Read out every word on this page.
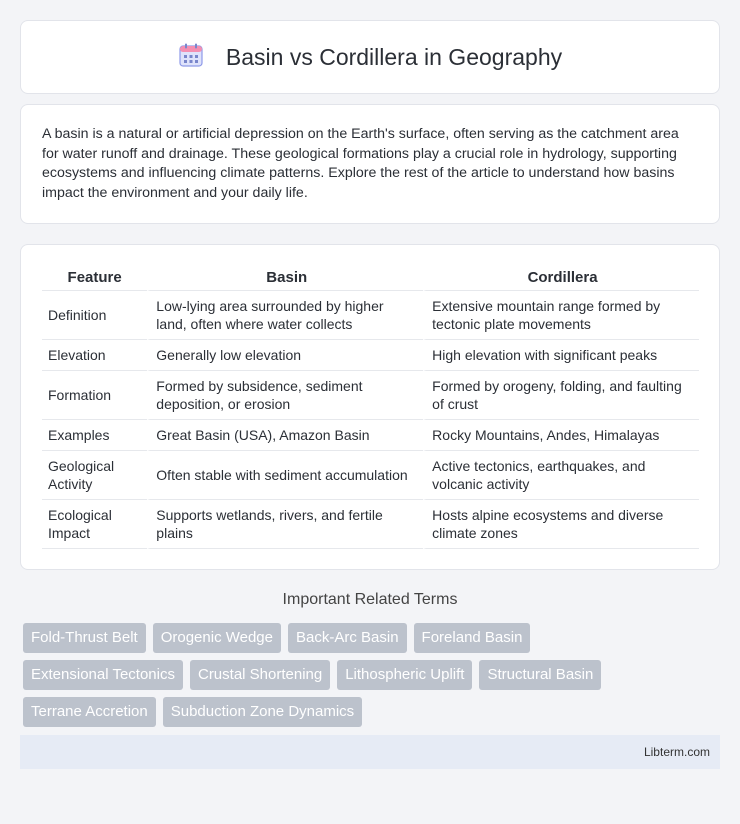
Basin vs Cordillera in Geography

A basin is a natural or artificial depression on the Earth's surface, often serving as the catchment area for water runoff and drainage. These geological formations play a crucial role in hydrology, supporting ecosystems and influencing climate patterns. Explore the rest of the article to understand how basins impact the environment and your daily life.

Feature	Basin	Cordillera
Definition	Low-lying area surrounded by higher land, often where water collects	Extensive mountain range formed by tectonic plate movements
Elevation	Generally low elevation	High elevation with significant peaks
Formation	Formed by subsidence, sediment deposition, or erosion	Formed by orogeny, folding, and faulting of crust
Examples	Great Basin (USA), Amazon Basin	Rocky Mountains, Andes, Himalayas
Geological Activity	Often stable with sediment accumulation	Active tectonics, earthquakes, and volcanic activity
Ecological Impact	Supports wetlands, rivers, and fertile plains	Hosts alpine ecosystems and diverse climate zones
Important Related Terms
Fold-Thrust Belt	Orogenic Wedge	Back-Arc Basin	Foreland Basin
Extensional Tectonics	Crustal Shortening	Lithospheric Uplift	Structural Basin
Terrane Accretion	Subduction Zone Dynamics
Libterm.com
